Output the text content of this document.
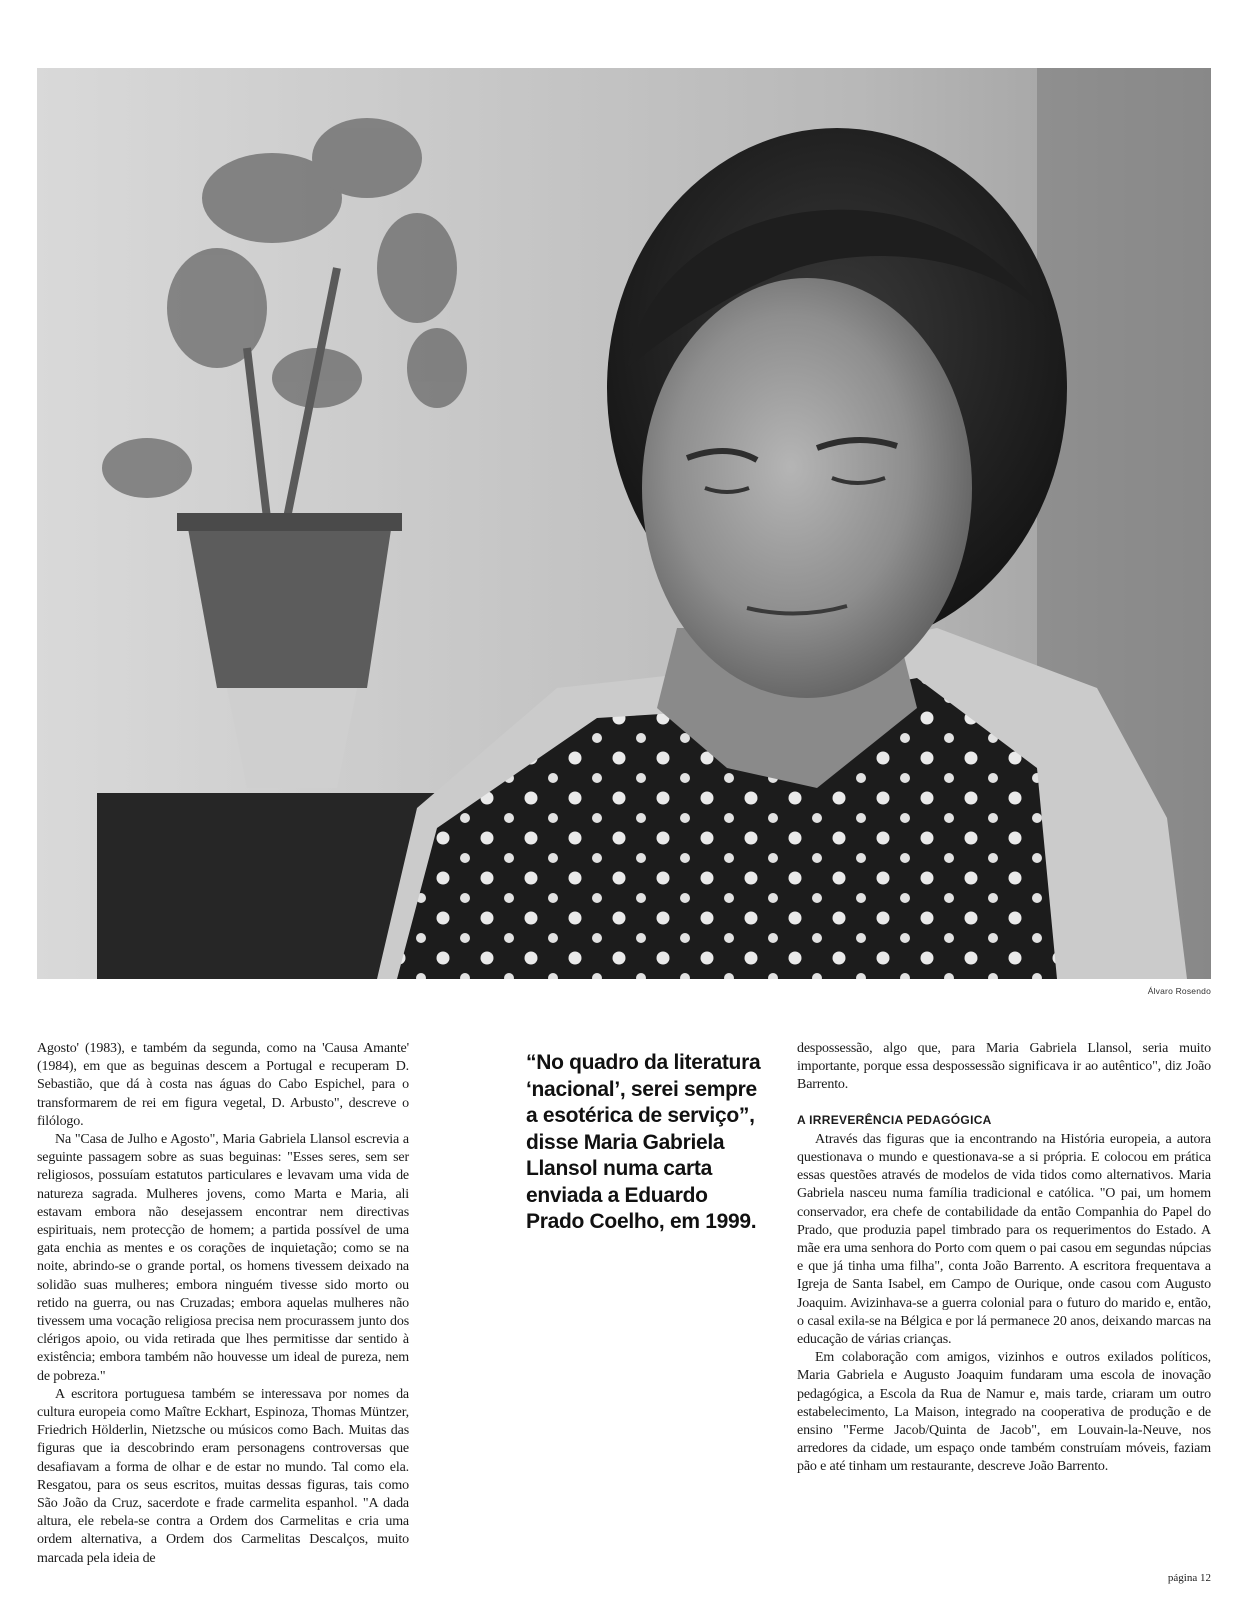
Álvaro Rosendo

Agosto' (1983), e também da segunda, como na 'Causa Amante' (1984), em que as beguinas descem a Portugal e recuperam D. Sebastião, que dá à costa nas águas do Cabo Espichel, para o transformarem de rei em figura vegetal, D. Arbusto", descreve o filólogo.

Na "Casa de Julho e Agosto", Maria Gabriela Llansol escrevia a seguinte passagem sobre as suas beguinas: "Esses seres, sem ser religiosos, possuíam estatutos particulares e levavam uma vida de natureza sagrada. Mulheres jovens, como Marta e Maria, ali estavam embora não desejassem encontrar nem directivas espirituais, nem protecção de homem; a partida possível de uma gata enchia as mentes e os corações de inquietação; como se na noite, abrindo-se o grande portal, os homens tivessem deixado na solidão suas mulheres; embora ninguém tivesse sido morto ou retido na guerra, ou nas Cruzadas; embora aquelas mulheres não tivessem uma vocação religiosa precisa nem procurassem junto dos clérigos apoio, ou vida retirada que lhes permitisse dar sentido à existência; embora também não houvesse um ideal de pureza, nem de pobreza."

A escritora portuguesa também se interessava por nomes da cultura europeia como Maître Eckhart, Espinoza, Thomas Müntzer, Friedrich Hölderlin, Nietzsche ou músicos como Bach. Muitas das figuras que ia descobrindo eram personagens controversas que desafiavam a forma de olhar e de estar no mundo. Tal como ela. Resgatou, para os seus escritos, muitas dessas figuras, tais como São João da Cruz, sacerdote e frade carmelita espanhol. "A dada altura, ele rebela-se contra a Ordem dos Carmelitas e cria uma ordem alternativa, a Ordem dos Carmelitas Descalços, muito marcada pela ideia de

“No quadro da literatura ‘nacional’, serei sempre a esotérica de serviço”, disse Maria Gabriela Llansol numa carta enviada a Eduardo Prado Coelho, em 1999.

despossessão, algo que, para Maria Gabriela Llansol, seria muito importante, porque essa despossessão significava ir ao autêntico", diz João Barrento.

A IRREVERÊNCIA PEDAGÓGICA

Através das figuras que ia encontrando na História europeia, a autora questionava o mundo e questionava-se a si própria. E colocou em prática essas questões através de modelos de vida tidos como alternativos. Maria Gabriela nasceu numa família tradicional e católica. "O pai, um homem conservador, era chefe de contabilidade da então Companhia do Papel do Prado, que produzia papel timbrado para os requerimentos do Estado. A mãe era uma senhora do Porto com quem o pai casou em segundas núpcias e que já tinha uma filha", conta João Barrento. A escritora frequentava a Igreja de Santa Isabel, em Campo de Ourique, onde casou com Augusto Joaquim. Avizinhava-se a guerra colonial para o futuro do marido e, então, o casal exila-se na Bélgica e por lá permanece 20 anos, deixando marcas na educação de várias crianças.

Em colaboração com amigos, vizinhos e outros exilados políticos, Maria Gabriela e Augusto Joaquim fundaram uma escola de inovação pedagógica, a Escola da Rua de Namur e, mais tarde, criaram um outro estabelecimento, La Maison, integrado na cooperativa de produção e de ensino "Ferme Jacob/Quinta de Jacob", em Louvain-la-Neuve, nos arredores da cidade, um espaço onde também construíam móveis, faziam pão e até tinham um restaurante, descreve João Barrento.

página 12
